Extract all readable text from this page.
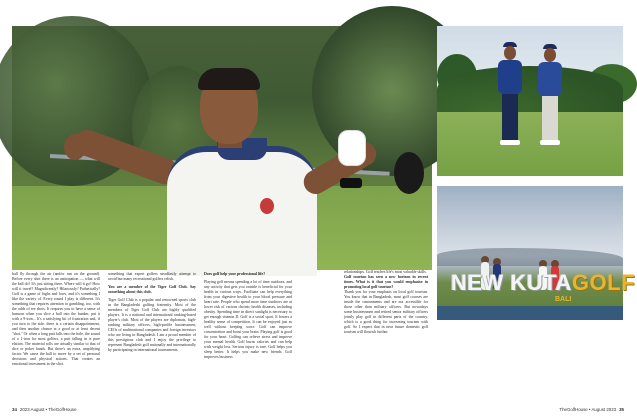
ball fly through the air (and/or run on the ground). Before every shot there is an anticipation — what will the ball do? It's just sitting there. Where will it go? How will it travel? Magnificently? Hilariously? Pathetically? Golf is a game of highs and lows, and it's something I like the variety of. Every round I play is different. It's something that requires attention to gambling, too, with the odds of tee shots. It requires you to have a sense of humour when you slice a ball into the bunker, put it with a 9-iron... It's a satisfying bit of frustration and, if you turn to the side, there is a certain disappointment, and then another chance at a good or at least decent "shot." Or when a long putt falls into the hole, the sound of a 1-iron for most golfers, a putt falling in is pure elation. The material rolls are actually similar to that of dice or poker hands. But there's an extra, amplifying factor. We cause the ball to move by a set of personal decisions and physical actions. That creates an emotional investment in the shot.

something that expert golfers steadfastly attempt to avoid but many recreational golfers relish.

You are a member of the Tiger Golf Club. Say something about this club.

Tiger Golf Club is a popular and renowned sports club in the Bangladeshi golfing fraternity. Most of the members of Tiger Golf Club are highly qualified players. It is a national and international ranking-based player's club. Most of the players are diplomats, high-ranking military officers, high-profile businessmen, CEOs of multinational companies and foreign investors who are living in Bangladesh. I am a proud member of this prestigious club and I enjoy the privilege to represent Bangladesh golf nationally and internationally by participating in international tournaments.

Does golf help your professional life?

Playing golf means spending a lot of time outdoors, and any activity that gets you outside is beneficial for your health in various ways. Facilitate can help everything from your digestive health to your blood pressure and heart rate. People who spend more time outdoors are at lower risk of various chronic health diseases, including obesity. Spending time in direct sunlight is necessary to get enough vitamin D. Golf is a social sport. It fosters a healthy sense of competition. It can be enjoyed just as well without keeping score. Golf can improve concentration and boost your brain. Playing golf is good for your heart. Golfing can relieve stress and improve your mental health. Golf burns calories and can help with weight loss. Serious injury is rare. Golf helps you sleep better. It helps you make new friends. Golf improves business

relationships. Golf teaches life's most valuable skills.

Golf tourism has seen a new horizon in recent times. What is it that you would emphasise in promoting local golf tourism?

Thank you for your emphasis on local golf tourism. You know that in Bangladesh, most golf courses are inside the cantonments and are not accessible for those other than military officers. But nowadays some businessmen and retired senior military officers jointly play golf in different parts of the country, which is a good thing for increasing tourism with golf. So I expect that in near future domestic golf tourism will flourish further.

NEW KUTAGOLF
BALI
34 2023 August • TheGolfHouse	TheGolfHouse • August 2023 35
